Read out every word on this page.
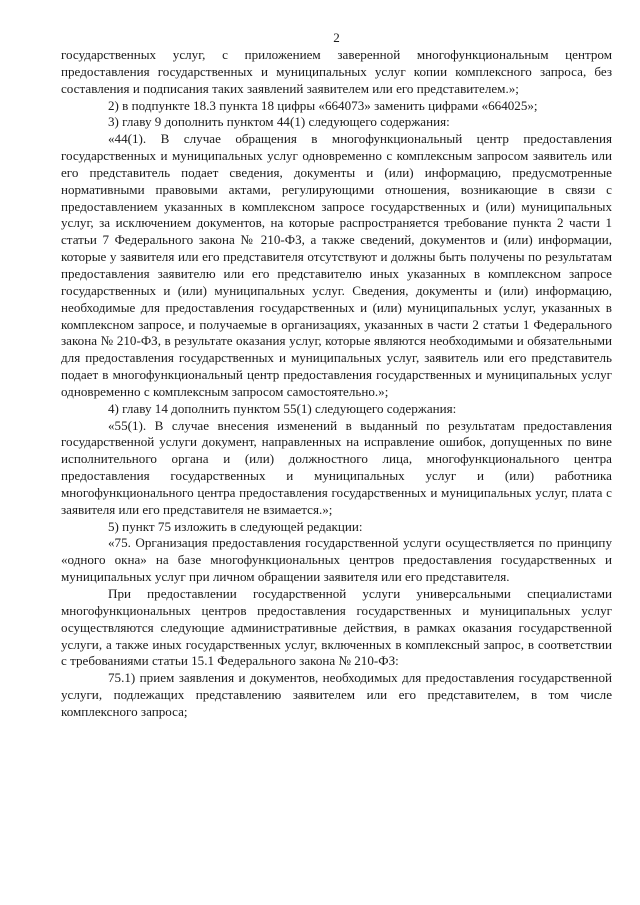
2

государственных услуг, с приложением заверенной многофункциональным центром предоставления государственных и муниципальных услуг копии комплексного запроса, без составления и подписания таких заявлений заявителем или его представителем.»;

2) в подпункте 18.3 пункта 18 цифры «664073» заменить цифрами «664025»;

3) главу 9 дополнить пунктом 44(1) следующего содержания:

«44(1). В случае обращения в многофункциональный центр предоставления государственных и муниципальных услуг одновременно с комплексным запросом заявитель или его представитель подает сведения, документы и (или) информацию, предусмотренные нормативными правовыми актами, регулирующими отношения, возникающие в связи с предоставлением указанных в комплексном запросе государственных и (или) муниципальных услуг, за исключением документов, на которые распространяется требование пункта 2 части 1 статьи 7 Федерального закона № 210-ФЗ, а также сведений, документов и (или) информации, которые у заявителя или его представителя отсутствуют и должны быть получены по результатам предоставления заявителю или его представителю иных указанных в комплексном запросе государственных и (или) муниципальных услуг. Сведения, документы и (или) информацию, необходимые для предоставления государственных и (или) муниципальных услуг, указанных в комплексном запросе, и получаемые в организациях, указанных в части 2 статьи 1 Федерального закона № 210-ФЗ, в результате оказания услуг, которые являются необходимыми и обязательными для предоставления государственных и муниципальных услуг, заявитель или его представитель подает в многофункциональный центр предоставления государственных и муниципальных услуг одновременно с комплексным запросом самостоятельно.»;

4) главу 14 дополнить пунктом 55(1) следующего содержания:

«55(1). В случае внесения изменений в выданный по результатам предоставления государственной услуги документ, направленных на исправление ошибок, допущенных по вине исполнительного органа и (или) должностного лица, многофункционального центра предоставления государственных и муниципальных услуг и (или) работника многофункционального центра предоставления государственных и муниципальных услуг, плата с заявителя или его представителя не взимается.»;

5) пункт 75 изложить в следующей редакции:

«75. Организация предоставления государственной услуги осуществляется по принципу «одного окна» на базе многофункциональных центров предоставления государственных и муниципальных услуг при личном обращении заявителя или его представителя.

При предоставлении государственной услуги универсальными специалистами многофункциональных центров предоставления государственных и муниципальных услуг осуществляются следующие административные действия, в рамках оказания государственной услуги, а также иных государственных услуг, включенных в комплексный запрос, в соответствии с требованиями статьи 15.1 Федерального закона № 210-ФЗ:

75.1) прием заявления и документов, необходимых для предоставления государственной услуги, подлежащих представлению заявителем или его представителем, в том числе комплексного запроса;
